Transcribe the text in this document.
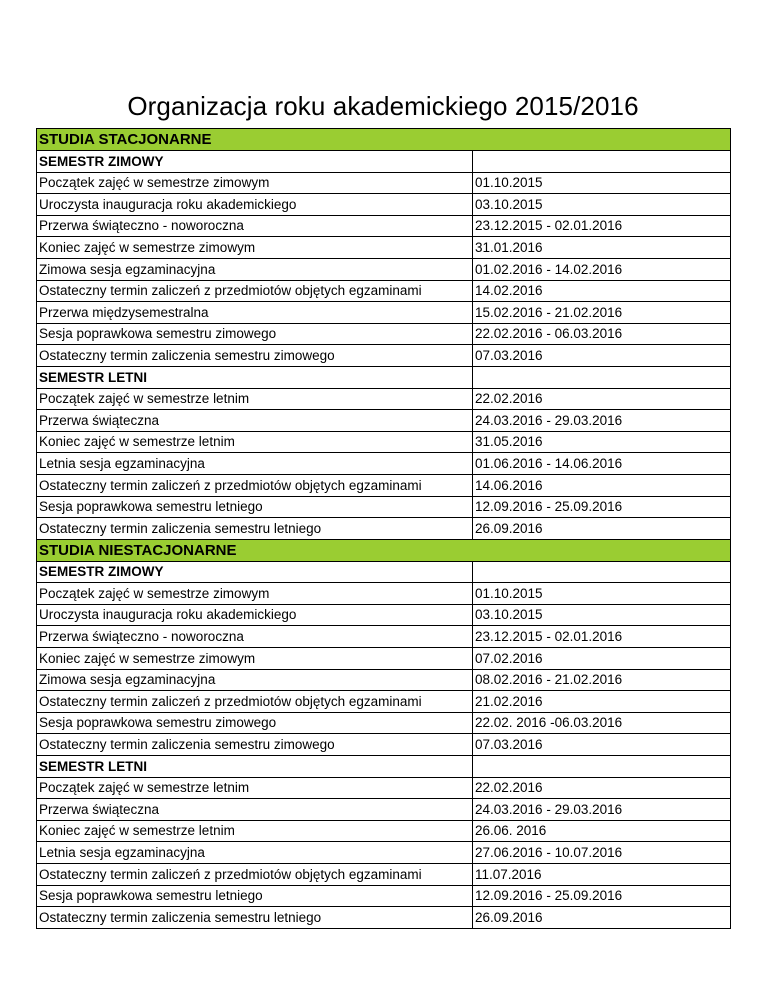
Organizacja roku akademickiego 2015/2016
STUDIA STACJONARNE	
SEMESTR ZIMOWY	
Początek zajęć w semestrze zimowym	01.10.2015
Uroczysta inauguracja roku akademickiego	03.10.2015
Przerwa świąteczno - noworoczna	23.12.2015 - 02.01.2016
Koniec zajęć w semestrze zimowym	31.01.2016
Zimowa sesja egzaminacyjna	01.02.2016 - 14.02.2016
Ostateczny termin zaliczeń z przedmiotów objętych egzaminami	14.02.2016
Przerwa międzysemestralna	15.02.2016 - 21.02.2016
Sesja poprawkowa semestru zimowego	22.02.2016 - 06.03.2016
Ostateczny termin zaliczenia semestru zimowego	07.03.2016
SEMESTR LETNI	
Początek zajęć w semestrze letnim	22.02.2016
Przerwa świąteczna	24.03.2016 - 29.03.2016
Koniec zajęć w semestrze letnim	31.05.2016
Letnia sesja egzaminacyjna	01.06.2016 - 14.06.2016
Ostateczny termin zaliczeń z przedmiotów objętych egzaminami	14.06.2016
Sesja poprawkowa semestru letniego	12.09.2016 - 25.09.2016
Ostateczny termin zaliczenia semestru letniego	26.09.2016
STUDIA NIESTACJONARNE	
SEMESTR ZIMOWY	
Początek zajęć w semestrze zimowym	01.10.2015
Uroczysta inauguracja roku akademickiego	03.10.2015
Przerwa świąteczno - noworoczna	23.12.2015 - 02.01.2016
Koniec zajęć w semestrze zimowym	07.02.2016
Zimowa sesja egzaminacyjna	08.02.2016 - 21.02.2016
Ostateczny termin zaliczeń z przedmiotów objętych egzaminami	21.02.2016
Sesja poprawkowa semestru zimowego	22.02. 2016 -06.03.2016
Ostateczny termin zaliczenia semestru zimowego	07.03.2016
SEMESTR LETNI	
Początek zajęć w semestrze letnim	22.02.2016
Przerwa świąteczna	24.03.2016 - 29.03.2016
Koniec zajęć w semestrze letnim	26.06. 2016
Letnia sesja egzaminacyjna	27.06.2016 - 10.07.2016
Ostateczny termin zaliczeń z przedmiotów objętych egzaminami	11.07.2016
Sesja poprawkowa semestru letniego	12.09.2016 - 25.09.2016
Ostateczny termin zaliczenia semestru letniego	26.09.2016
